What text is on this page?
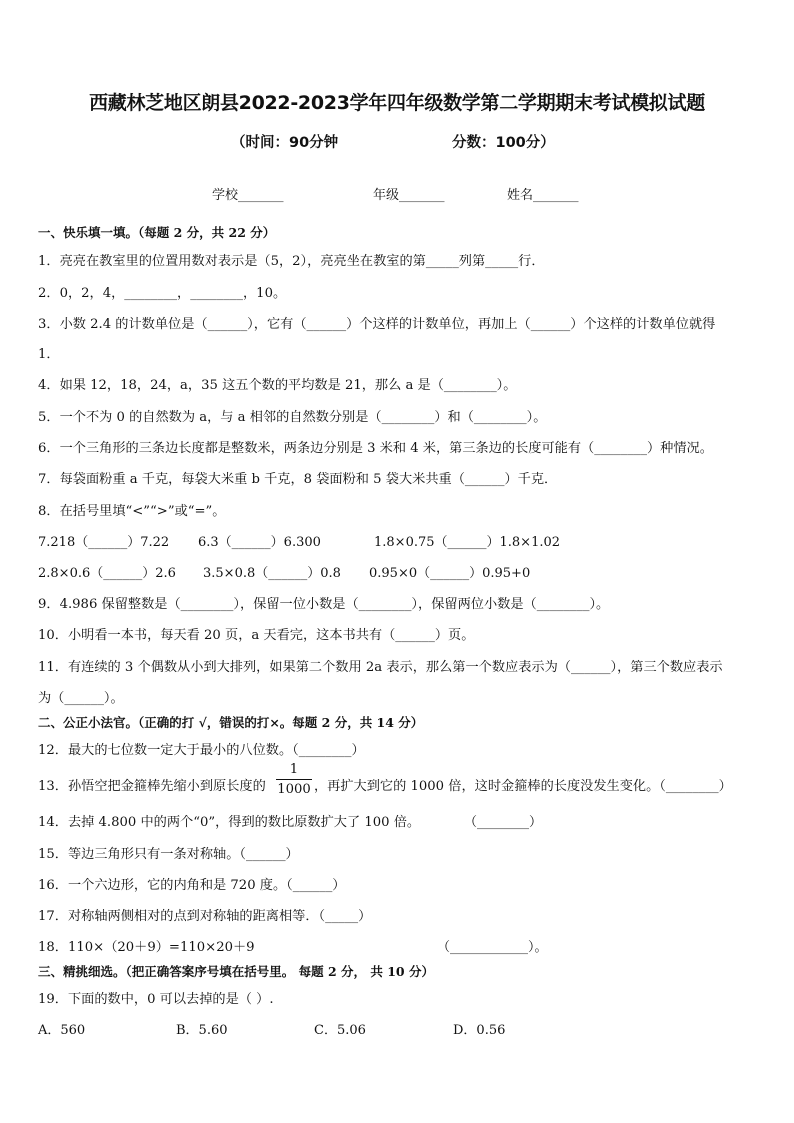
西藏林芝地区朗县2022-2023学年四年级数学第二学期期末考试模拟试题
（时间：90分钟	分数：100分）
学校_______	年级_______	姓名_______
一、快乐填一填。（每题 2 分，共 22 分）
1．亮亮在教室里的位置用数对表示是（5，2），亮亮坐在教室的第_____列第_____行．
2．0，2，4，________，________，10。
3．小数 2.4 的计数单位是（______），它有（______）个这样的计数单位，再加上（______）个这样的计数单位就得
1．
4．如果 12，18，24，a，35 这五个数的平均数是 21，那么 a 是（________）。
5．一个不为 0 的自然数为 a，与 a 相邻的自然数分别是（________）和（________）。
6．一个三角形的三条边长度都是整数米，两条边分别是 3 米和 4 米，第三条边的长度可能有（________）种情况。
7．每袋面粉重 a 千克，每袋大米重 b 千克，8 袋面粉和 5 袋大米共重（______）千克．
8．在括号里填“<”“>”或“=”。
7.218（______）7.22 6.3（______）6.300	1.8×0.75（______）1.8×1.02
2.8×0.6（______）2.6 3.5×0.8（______）0.8 0.95×0（______）0.95+0
9．4.986 保留整数是（________），保留一位小数是（________），保留两位小数是（________）。
10．小明看一本书，每天看 20 页，a 天看完，这本书共有（______）页。
11．有连续的 3 个偶数从小到大排列，如果第二个数用 2a 表示，那么第一个数应表示为（______），第三个数应表示
为（______）。
二、公正小法官。（正确的打 √，错误的打×。每题 2 分，共 14 分）
12．最大的七位数一定大于最小的八位数。（________）
13．孙悟空把金箍棒先缩小到原长度的
1
1000 ，再扩大到它的 1000 倍，这时金箍棒的长度没发生变化。（________）
14．去掉 4.800 中的两个“0”，得到的数比原数扩大了 100 倍。	（________）
15．等边三角形只有一条对称轴。（______）
16．一个六边形，它的内角和是 720 度。（______）
17．对称轴两侧相对的点到对称轴的距离相等．（_____）
18．110×（20＋9）=110×20＋9	（____________）。
三、精挑细选。（把正确答案序号填在括号里。 每题 2 分， 共 10 分）
19．下面的数中，0 可以去掉的是（ ）.
A．560	B．5.60	C．5.06	D．0.56
